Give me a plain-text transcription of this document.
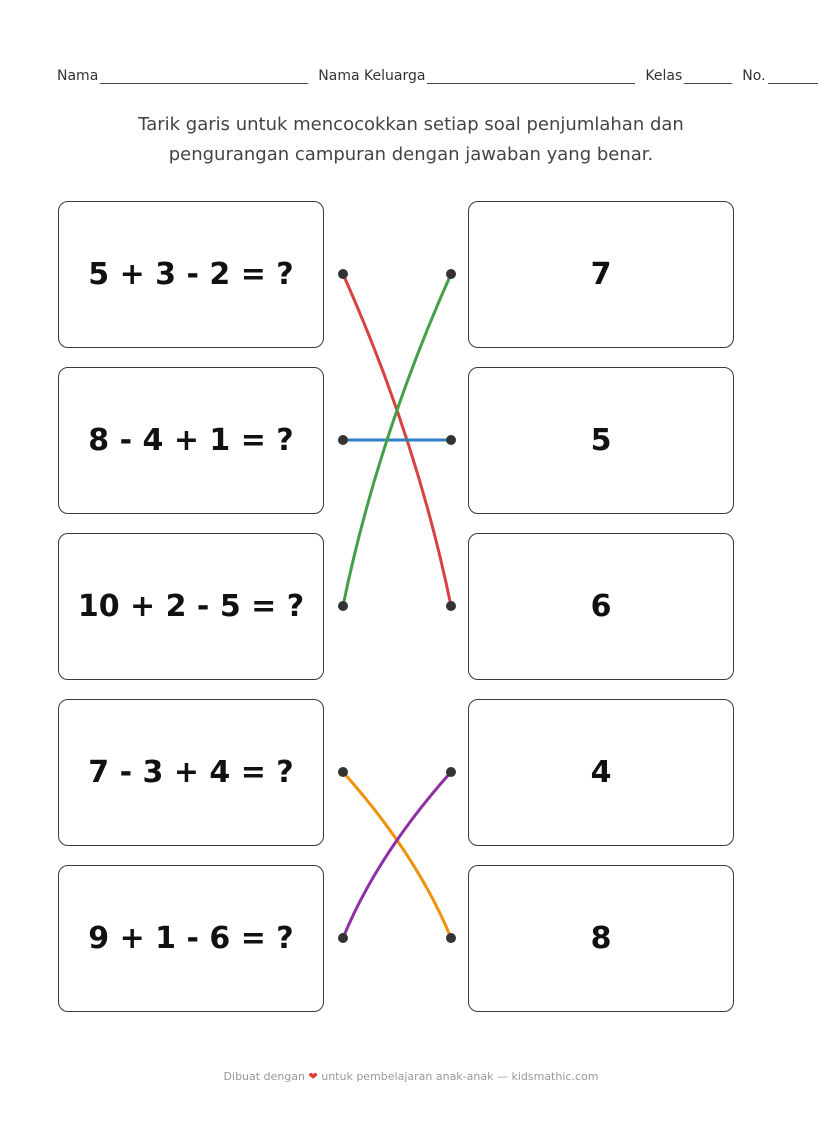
Nama	Nama Keluarga	Kelas	No.
Tarik garis untuk mencocokkan setiap soal penjumlahan dan
pengurangan campuran dengan jawaban yang benar.
5 + 3 - 2 = ?
8 - 4 + 1 = ?
10 + 2 - 5 = ?
7 - 3 + 4 = ?
9 + 1 - 6 = ?
7
5
6
4
8
Dibuat dengan ❤ untuk pembelajaran anak-anak — kidsmathic.com
